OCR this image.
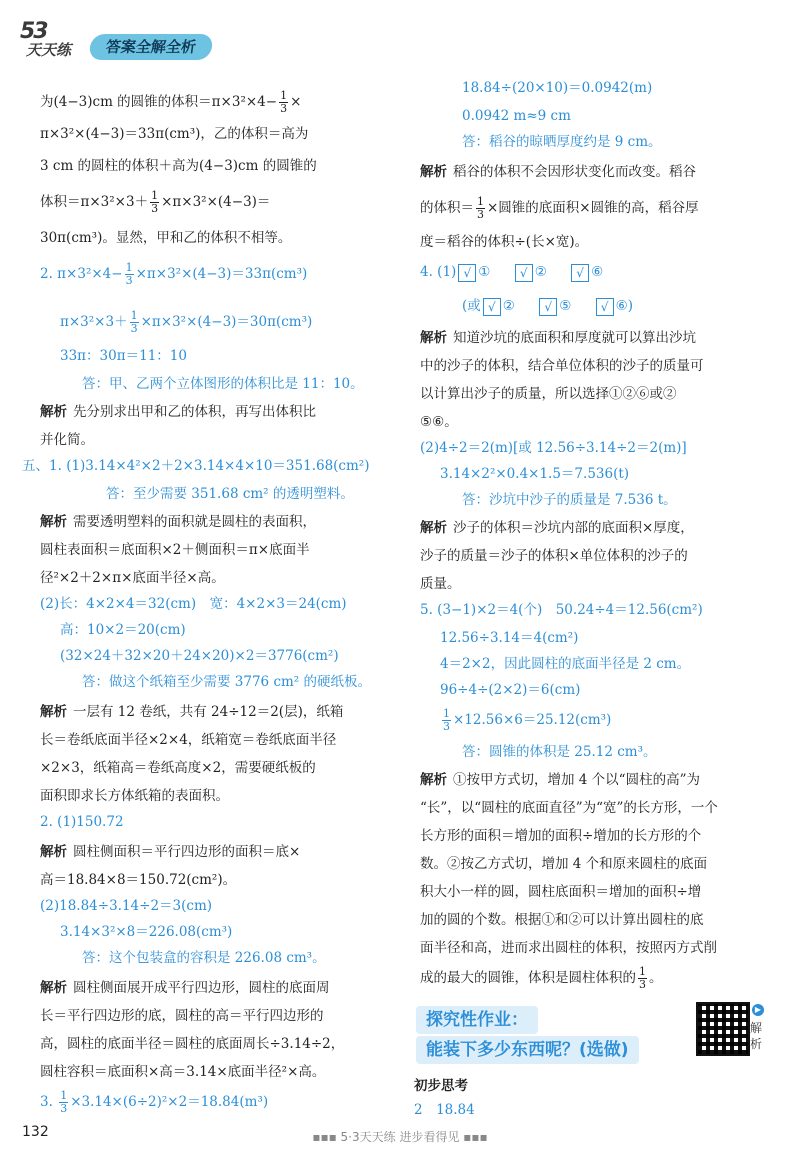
53
天天练	答案全解全析
为(4−3)cm 的圆锥的体积$=\pi\times 3^2\times 4- \frac{1}{3}$ ×
π×3²×(4−3)＝33π(cm³)，乙的体积＝高为
3 cm 的圆柱的体积＋高为(4−3)cm 的圆锥的
体积$=\pi\times 3^2\times 3+ \frac{1}{3} \times\pi\times 3^2\times(4-3)=$
30π(cm³)。显然，甲和乙的体积不相等。
2. $\pi\times 3^2\times 4- \frac{1}{3} \times\pi\times 3^2\times(4-3)=33\pi(cm^3)$
$\pi\times 3^2\times 3+ \frac{1}{3} \times\pi\times 3^2\times(4-3)=30\pi(cm^3)$
33π：30π＝11：10
答：甲、乙两个立体图形的体积比是 11：10。
解析 先分别求出甲和乙的体积，再写出体积比
并化简。
五、1. (1)3.14×4²×2＋2×3.14×4×10＝351.68(cm²)
答：至少需要 351.68 cm² 的透明塑料。
解析 需要透明塑料的面积就是圆柱的表面积，
圆柱表面积＝底面积×2＋侧面积＝π×底面半
径²×2＋2×π×底面半径×高。
(2)长：4×2×4＝32(cm)　宽：4×2×3＝24(cm)
高：10×2＝20(cm)
(32×24＋32×20＋24×20)×2＝3776(cm²)
答：做这个纸箱至少需要 3776 cm² 的硬纸板。
解析 一层有 12 卷纸，共有 24÷12＝2(层)，纸箱
长＝卷纸底面半径×2×4，纸箱宽＝卷纸底面半径
×2×3，纸箱高＝卷纸高度×2，需要硬纸板的
面积即求长方体纸箱的表面积。
2. (1)150.72
解析 圆柱侧面积＝平行四边形的面积＝底×
高＝18.84×8＝150.72(cm²)。
(2)18.84÷3.14÷2＝3(cm)
3.14×3²×8＝226.08(cm³)
答：这个包装盒的容积是 226.08 cm³。
解析 圆柱侧面展开成平行四边形，圆柱的底面周
长＝平行四边形的底，圆柱的高＝平行四边形的
高，圆柱的底面半径＝圆柱的底面周长÷3.14÷2，
圆柱容积＝底面积×高＝3.14×底面半径²×高。
3. $\frac{1}{3} \times 3.14\times(6\div 2)^2\times 2=18.84(m^3)$
18.84÷(20×10)＝0.0942(m)
0.0942 m≈9 cm
答：稻谷的晾晒厚度约是 9 cm。
解析 稻谷的体积不会因形状变化而改变。稻谷
的体积＝ $\frac{1}{3}$ ×圆锥的底面积×圆锥的高，稻谷厚
度＝稻谷的体积÷(长×宽)。
4. (1) √ ① √ ② √ ⑥
(或 √ ② √ ⑤ √ ⑥)
解析 知道沙坑的底面积和厚度就可以算出沙坑
中的沙子的体积，结合单位体积的沙子的质量可
以计算出沙子的质量，所以选择①②⑥或②
⑤⑥。
(2)4÷2＝2(m)[或 12.56÷3.14÷2＝2(m)]
3.14×2²×0.4×1.5＝7.536(t)
答：沙坑中沙子的质量是 7.536 t。
解析 沙子的体积＝沙坑内部的底面积×厚度，
沙子的质量＝沙子的体积×单位体积的沙子的
质量。
5. (3−1)×2＝4(个)　50.24÷4＝12.56(cm²)
12.56÷3.14＝4(cm²)
4＝2×2，因此圆柱的底面半径是 2 cm。
96÷4÷(2×2)＝6(cm)
$\frac{1}{3} \times 12.56\times 6=25.12(cm^3)$
答：圆锥的体积是 25.12 cm³。
解析 ①按甲方式切，增加 4 个以“圆柱的高”为
“长”，以“圆柱的底面直径”为“宽”的长方形，一个
长方形的面积＝增加的面积÷增加的长方形的个
数。②按乙方式切，增加 4 个和原来圆柱的底面
积大小一样的圆，圆柱底面积＝增加的面积÷增
加的圆的个数。根据①和②可以计算出圆柱的底
面半径和高，进而求出圆柱的体积，按照丙方式削
成的最大的圆锥，体积是圆柱体积的 $\frac{1}{3}$ 。
初步思考
2　18.84
探究性作业：
能装下多少东西呢？(选做)
▶
解析
132	▪▪▪ 5·3天天练 进步看得见 ▪▪▪
